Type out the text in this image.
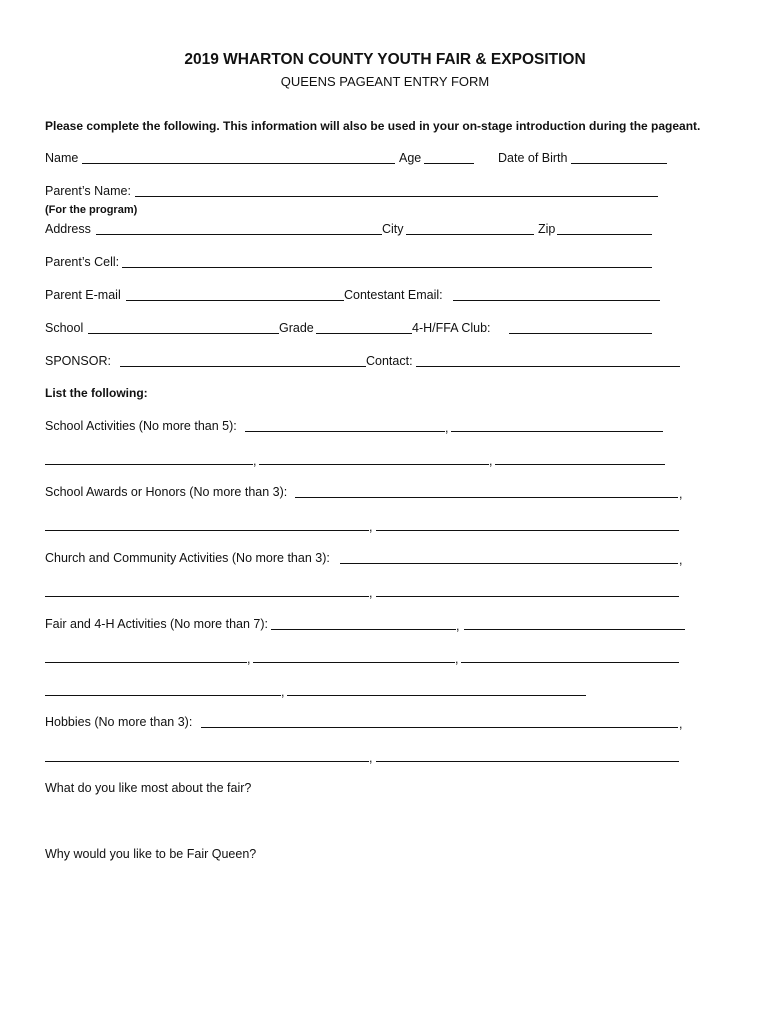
2019 WHARTON COUNTY YOUTH FAIR & EXPOSITION
QUEENS PAGEANT ENTRY FORM
Please complete the following. This information will also be used in your on-stage introduction during the pageant.
Name	Age	Date of Birth
Parent’s Name:
(For the program)
Address	City	Zip
Parent’s Cell:
Parent E-mail	Contestant Email:
School	Grade	4-H/FFA Club:
SPONSOR:	Contact:
List the following:
School Activities (No more than 5):	,
,	,
School Awards or Honors (No more than 3):	,
,
Church and Community Activities (No more than 3):	,
,
Fair and 4-H Activities (No more than 7):	,
,	,
,
Hobbies (No more than 3):	,
,
What do you like most about the fair?
Why would you like to be Fair Queen?
